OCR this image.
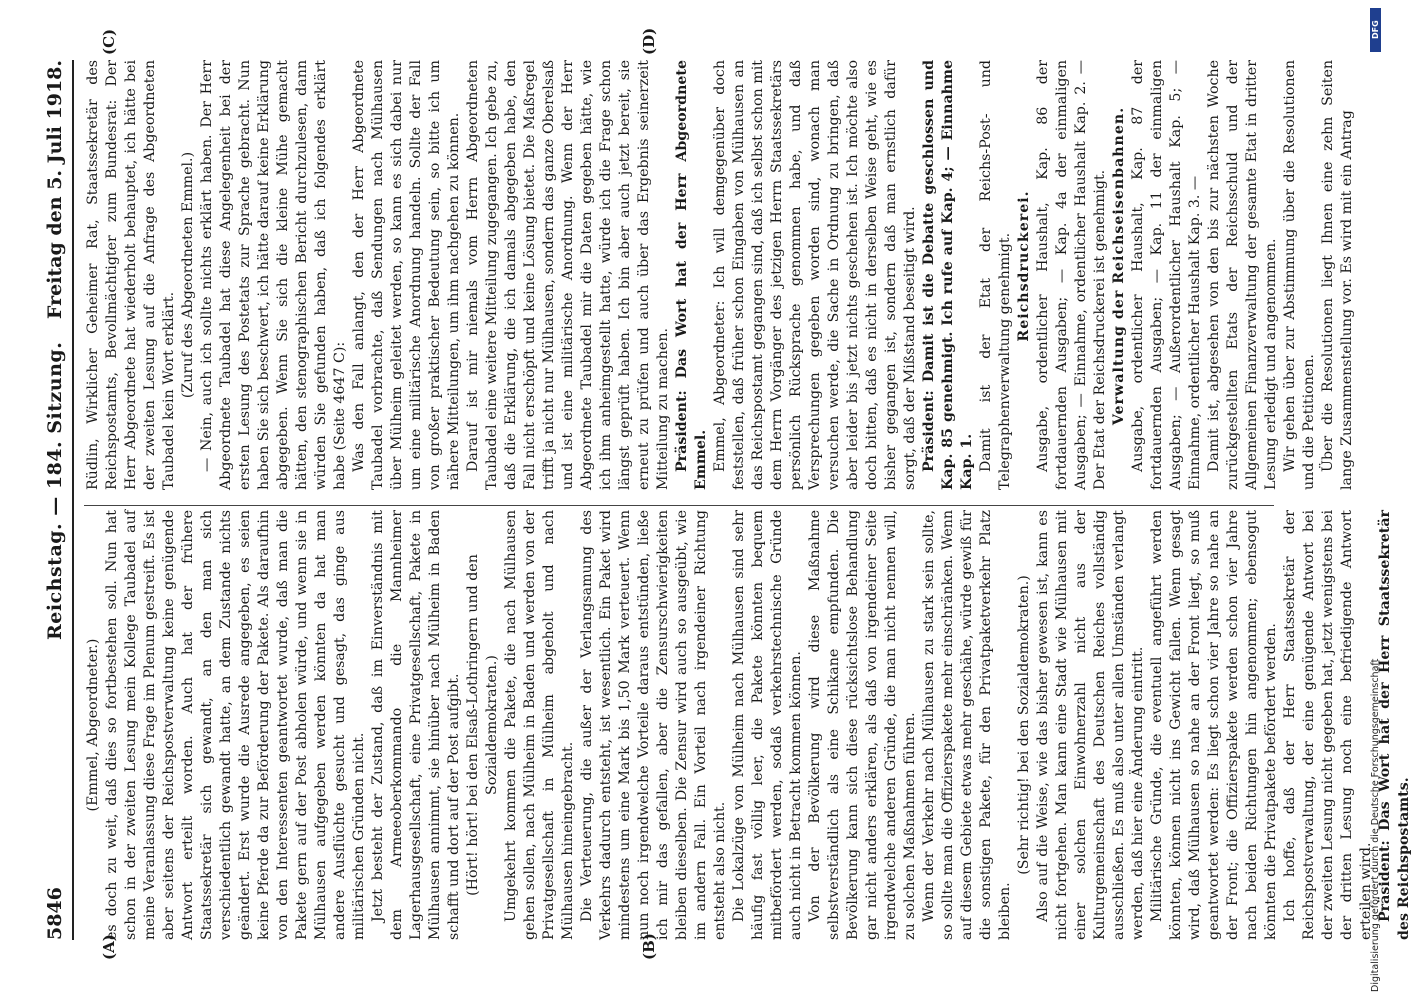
5846
Reichstag. — 184. Sitzung.
Freitag den 5. Juli 1918.
(A)	(B)
(C)	(D)

(Emmel, Abgeordneter.) es doch zu weit, daß dies so fortbestehen soll. Nun hat schon in der zweiten Lesung mein Kollege Taubadel auf meine Veranlassung diese Frage im Plenum gestreift. Es ist aber seitens der Reichspostverwaltung keine genügende Antwort erteilt worden. Auch hat der frühere Staatssekretär sich gewandt, an den man sich verschiedentlich gewandt hatte, an dem Zustande nichts geändert. Erst wurde die Ausrede angegeben, es seien keine Pferde da zur Beförderung der Pakete. Als daraufhin von den Interessenten geantwortet wurde, daß man die Pakete gern auf der Post abholen würde, und wenn sie in Mülhausen aufgegeben werden könnten da hat man andere Ausflüchte gesucht und gesagt, das ginge aus militärischen Gründen nicht. Jetzt besteht der Zustand, daß im Einverständnis mit dem Armeeoberkommando die Mannheimer Lagerhausgesellschaft, eine Privatgesellschaft, Pakete in Mülhausen annimmt, sie hinüber nach Mülheim in Baden schafft und dort auf der Post aufgibt. (Hört! hört! bei den Elsaß-Lothringern und den Sozialdemokraten.) Umgekehrt kommen die Pakete, die nach Mülhausen gehen sollen, nach Mülheim in Baden und werden von der Privatgesellschaft in Mülheim abgeholt und nach Mülhausen hineingebracht. Die Verteuerung, die außer der Verlangsamung des Verkehrs dadurch entsteht, ist wesentlich. Ein Paket wird mindestens um eine Mark bis 1,50 Mark verteuert. Wenn nun noch irgendwelche Vorteile daraus entstünden, ließe ich mir das gefallen, aber die Zensurschwierigkeiten bleiben dieselben. Die Zensur wird auch so ausgeübt, wie im andern Fall. Ein Vorteil nach irgendeiner Richtung entsteht also nicht. Die Lokalzüge von Mülheim nach Mülhausen sind sehr häufig fast völlig leer, die Pakete könnten bequem mitbefördert werden, sodaß verkehrstechnische Gründe auch nicht in Betracht kommen können. Von der Bevölkerung wird diese Maßnahme selbstverständlich als eine Schikane empfunden. Die Bevölkerung kann sich diese rücksichtslose Behandlung gar nicht anders erklären, als daß von irgendeiner Seite irgendwelche anderen Gründe, die man nicht nennen will, zu solchen Maßnahmen führen. Wenn der Verkehr nach Mülhausen zu stark sein sollte, so sollte man die Offizierspakete mehr einschränken. Wenn auf diesem Gebiete etwas mehr geschähe, würde gewiß für die sonstigen Pakete, für den Privatpaketverkehr Platz bleiben.

(Sehr richtig! bei den Sozialdemokraten.) Also auf die Weise, wie das bisher gewesen ist, kann es nicht fortgehen. Man kann eine Stadt wie Mülhausen mit einer solchen Einwohnerzahl nicht aus der Kulturgemeinschaft des Deutschen Reiches vollständig ausschließen. Es muß also unter allen Umständen verlangt werden, daß hier eine Änderung eintritt. Militärische Gründe, die eventuell angeführt werden könnten, können nicht ins Gewicht fallen. Wenn gesagt wird, daß Mülhausen so nahe an der Front liegt, so muß geantwortet werden: Es liegt schon vier Jahre so nahe an der Front; die Offizierspakete werden schon vier Jahre nach beiden Richtungen hin angenommen; ebensogut könnten die Privatpakete befördert werden. Ich hoffe, daß der Herr Staatssekretär der Reichspostverwaltung, der eine genügende Antwort bei der zweiten Lesung nicht gegeben hat, jetzt wenigstens bei der dritten Lesung noch eine befriedigende Antwort erteilen wird. Präsident: Das Wort hat der Herr Staatssekretär des Reichspostamts.

Rüdlin, Wirklicher Geheimer Rat, Staatssekretär des Reichspostamts, Bevollmächtigter zum Bundesrat: Der Herr Abgeordnete hat wiederholt behauptet, ich hätte bei der zweiten Lesung auf die Anfrage des Abgeordneten Taubadel kein Wort erklärt. (Zuruf des Abgeordneten Emmel.) — Nein, auch ich sollte nichts erklärt haben. Der Herr Abgeordnete Taubadel hat diese Angelegenheit bei der ersten Lesung des Postetats zur Sprache gebracht. Nun haben Sie sich beschwert, ich hätte darauf keine Erklärung abgegeben. Wenn Sie sich die kleine Mühe gemacht hätten, den stenographischen Bericht durchzulesen, dann würden Sie gefunden haben, daß ich folgendes erklärt habe (Seite 4647 C): Was den Fall anlangt, den der Herr Abgeordnete Taubadel vorbrachte, daß Sendungen nach Mülhausen über Mülheim geleitet werden, so kann es sich dabei nur um eine militärische Anordnung handeln. Sollte der Fall von großer praktischer Bedeutung sein, so bitte ich um nähere Mitteilungen, um ihm nachgehen zu können. Darauf ist mir niemals vom Herrn Abgeordneten Taubadel eine weitere Mitteilung zugegangen. Ich gebe zu, daß die Erklärung, die ich damals abgegeben habe, den Fall nicht erschöpft und keine Lösung bietet. Die Maßregel trifft ja nicht nur Mülhausen, sondern das ganze Oberelsaß und ist eine militärische Anordnung. Wenn der Herr Abgeordnete Taubadel mir die Daten gegeben hätte, wie ich ihm anheimgestellt hatte, würde ich die Frage schon längst geprüft haben. Ich bin aber auch jetzt bereit, sie erneut zu prüfen und auch über das Ergebnis seinerzeit Mitteilung zu machen. Präsident: Das Wort hat der Herr Abgeordnete Emmel. Emmel, Abgeordneter: Ich will demgegenüber doch feststellen, daß früher schon Eingaben von Mülhausen an das Reichspostamt gegangen sind, daß ich selbst schon mit dem Herrn Vorgänger des jetzigen Herrn Staatssekretärs persönlich Rücksprache genommen habe, und daß Versprechungen gegeben worden sind, wonach man versuchen werde, die Sache in Ordnung zu bringen, daß aber leider bis jetzt nichts geschehen ist. Ich möchte also doch bitten, daß es nicht in derselben Weise geht, wie es bisher gegangen ist, sondern daß man ernstlich dafür sorgt, daß der Mißstand beseitigt wird. Präsident: Damit ist die Debatte geschlossen und Kap. 85 genehmigt. Ich rufe auf Kap. 4; — Einnahme Kap. 1. Damit ist der Etat der Reichs-Post- und Telegraphenverwaltung genehmigt. Reichsdruckerei. Ausgabe, ordentlicher Haushalt, Kap. 86 der fortdauernden Ausgaben; — Kap. 4a der einmaligen Ausgaben; — Einnahme, ordentlicher Haushalt Kap. 2. — Der Etat der Reichsdruckerei ist genehmigt. Verwaltung der Reichseisenbahnen. Ausgabe, ordentlicher Haushalt, Kap. 87 der fortdauernden Ausgaben; — Kap. 11 der einmaligen Ausgaben; — Außerordentlicher Haushalt Kap. 5; — Einnahme, ordentlicher Haushalt Kap. 3. — Damit ist, abgesehen von den bis zur nächsten Woche zurückgestellten Etats der Reichsschuld und der Allgemeinen Finanzverwaltung der gesamte Etat in dritter Lesung erledigt und angenommen. Wir gehen über zur Abstimmung über die Resolutionen und die Petitionen. Über die Resolutionen liegt Ihnen eine zehn Seiten lange Zusammenstellung vor. Es wird mit ein Antrag

DFG
Digitalisierung gefördert durch die Deutsche Forschungsgemeinschaft
